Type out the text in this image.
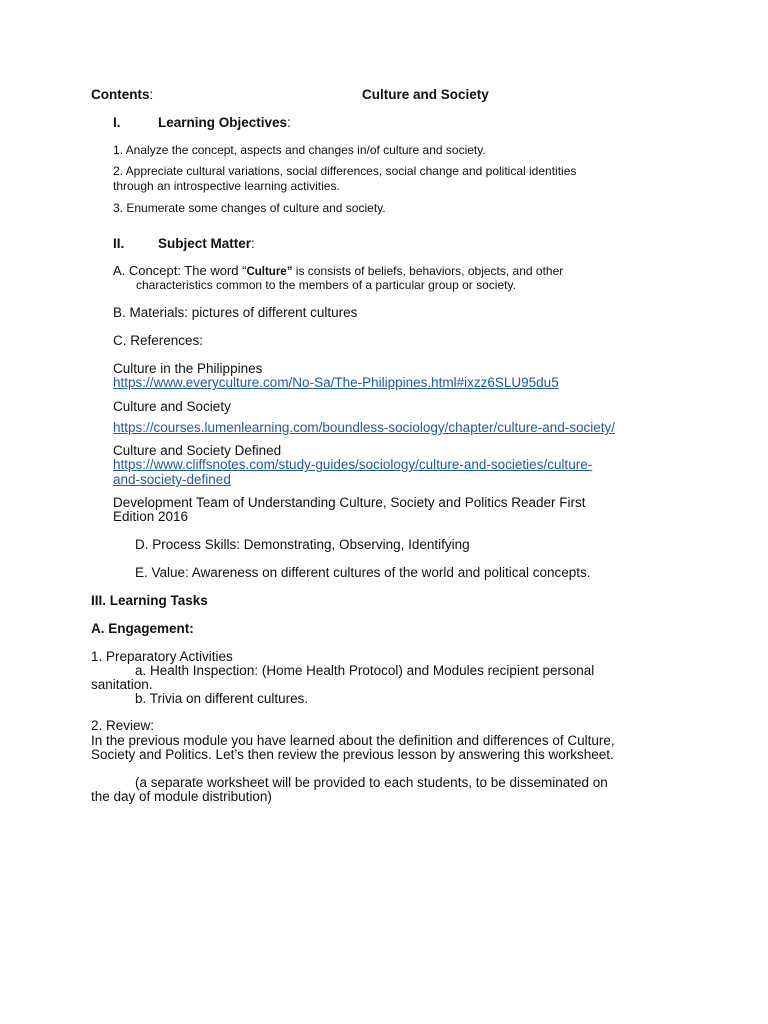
Contents:	Culture and Society
I.	Learning Objectives:
1. Analyze the concept, aspects and changes in/of culture and society.
2. Appreciate cultural variations, social differences, social change and political identities
through an introspective learning activities.
3. Enumerate some changes of culture and society.
II. Subject Matter:
A. Concept: The word “Culture” is consists of beliefs, behaviors, objects, and other
characteristics common to the members of a particular group or society.
B. Materials: pictures of different cultures
C. References:
Culture in the Philippines
https://www.everyculture.com/No-Sa/The-Philippines.html#ixzz6SLU95du5
Culture and Society
https://courses.lumenlearning.com/boundless-sociology/chapter/culture-and-society/
Culture and Society Defined
https://www.cliffsnotes.com/study-guides/sociology/culture-and-societies/culture-
and-society-defined
Development Team of Understanding Culture, Society and Politics Reader First
Edition 2016
D. Process Skills: Demonstrating, Observing, Identifying
E. Value: Awareness on different cultures of the world and political concepts.
III. Learning Tasks
A. Engagement:
1. Preparatory Activities
a. Health Inspection: (Home Health Protocol) and Modules recipient personal
sanitation.
b. Trivia on different cultures.
2. Review:
In the previous module you have learned about the definition and differences of Culture,
Society and Politics. Let’s then review the previous lesson by answering this worksheet.
(a separate worksheet will be provided to each students, to be disseminated on
the day of module distribution)
